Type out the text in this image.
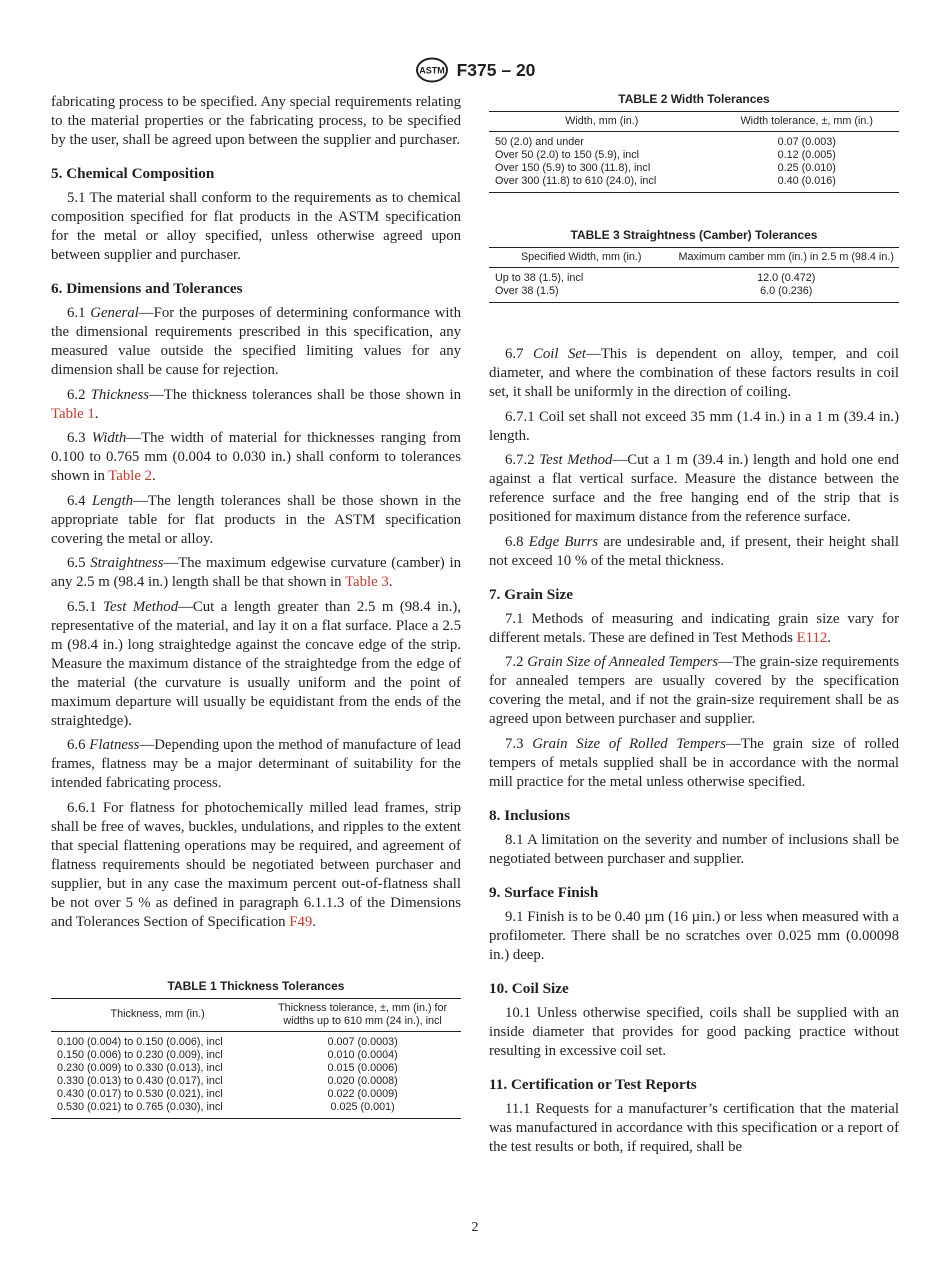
ASTM F375 – 20

fabricating process to be specified. Any special requirements relating to the material properties or the fabricating process, to be specified by the user, shall be agreed upon between the supplier and purchaser.

5. Chemical Composition

5.1 The material shall conform to the requirements as to chemical composition specified for flat products in the ASTM specification for the metal or alloy specified, unless otherwise agreed upon between supplier and purchaser.

6. Dimensions and Tolerances

6.1 General—For the purposes of determining conformance with the dimensional requirements prescribed in this specification, any measured value outside the specified limiting values for any dimension shall be cause for rejection.

6.2 Thickness—The thickness tolerances shall be those shown in Table 1.

6.3 Width—The width of material for thicknesses ranging from 0.100 to 0.765 mm (0.004 to 0.030 in.) shall conform to tolerances shown in Table 2.

6.4 Length—The length tolerances shall be those shown in the appropriate table for flat products in the ASTM specification covering the metal or alloy.

6.5 Straightness—The maximum edgewise curvature (camber) in any 2.5 m (98.4 in.) length shall be that shown in Table 3.

6.5.1 Test Method—Cut a length greater than 2.5 m (98.4 in.), representative of the material, and lay it on a flat surface. Place a 2.5 m (98.4 in.) long straightedge against the concave edge of the strip. Measure the maximum distance of the straightedge from the edge of the material (the curvature is usually uniform and the point of maximum departure will usually be equidistant from the ends of the straightedge).

6.6 Flatness—Depending upon the method of manufacture of lead frames, flatness may be a major determinant of suitability for the intended fabricating process.

6.6.1 For flatness for photochemically milled lead frames, strip shall be free of waves, buckles, undulations, and ripples to the extent that special flattening operations may be required, and agreement of flatness requirements should be negotiated between purchaser and supplier, but in any case the maximum percent out-of-flatness shall be not over 5 % as defined in paragraph 6.1.1.3 of the Dimensions and Tolerances Section of Specification F49.

TABLE 1 Thickness Tolerances
Thickness, mm (in.)	Thickness tolerance, ±, mm (in.) for widths up to 610 mm (24 in.), incl
0.100 (0.004) to 0.150 (0.006), incl	0.007 (0.0003)
0.150 (0.006) to 0.230 (0.009), incl	0.010 (0.0004)
0.230 (0.009) to 0.330 (0.013), incl	0.015 (0.0006)
0.330 (0.013) to 0.430 (0.017), incl	0.020 (0.0008)
0.430 (0.017) to 0.530 (0.021), incl	0.022 (0.0009)
0.530 (0.021) to 0.765 (0.030), incl	0.025 (0.001)
TABLE 2 Width Tolerances
Width, mm (in.)	Width tolerance, ±, mm (in.)
50 (2.0) and under	0.07 (0.003)
Over 50 (2.0) to 150 (5.9), incl	0.12 (0.005)
Over 150 (5.9) to 300 (11.8), incl	0.25 (0.010)
Over 300 (11.8) to 610 (24.0), incl	0.40 (0.016)
TABLE 3 Straightness (Camber) Tolerances
Specified Width, mm (in.)	Maximum camber mm (in.) in 2.5 m (98.4 in.)
Up to 38 (1.5), incl	12.0 (0.472)
Over 38 (1.5)	6.0 (0.236)

6.7 Coil Set—This is dependent on alloy, temper, and coil diameter, and where the combination of these factors results in coil set, it shall be uniformly in the direction of coiling.

6.7.1 Coil set shall not exceed 35 mm (1.4 in.) in a 1 m (39.4 in.) length.

6.7.2 Test Method—Cut a 1 m (39.4 in.) length and hold one end against a flat vertical surface. Measure the distance between the reference surface and the free hanging end of the strip that is positioned for maximum distance from the reference surface.

6.8 Edge Burrs are undesirable and, if present, their height shall not exceed 10 % of the metal thickness.

7. Grain Size

7.1 Methods of measuring and indicating grain size vary for different metals. These are defined in Test Methods E112.

7.2 Grain Size of Annealed Tempers—The grain-size requirements for annealed tempers are usually covered by the specification covering the metal, and if not the grain-size requirement shall be as agreed upon between purchaser and supplier.

7.3 Grain Size of Rolled Tempers—The grain size of rolled tempers of metals supplied shall be in accordance with the normal mill practice for the metal unless otherwise specified.

8. Inclusions

8.1 A limitation on the severity and number of inclusions shall be negotiated between purchaser and supplier.

9. Surface Finish

9.1 Finish is to be 0.40 µm (16 µin.) or less when measured with a profilometer. There shall be no scratches over 0.025 mm (0.00098 in.) deep.

10. Coil Size

10.1 Unless otherwise specified, coils shall be supplied with an inside diameter that provides for good packing practice without resulting in excessive coil set.

11. Certification or Test Reports

11.1 Requests for a manufacturer’s certification that the material was manufactured in accordance with this specification or a report of the test results or both, if required, shall be

2
